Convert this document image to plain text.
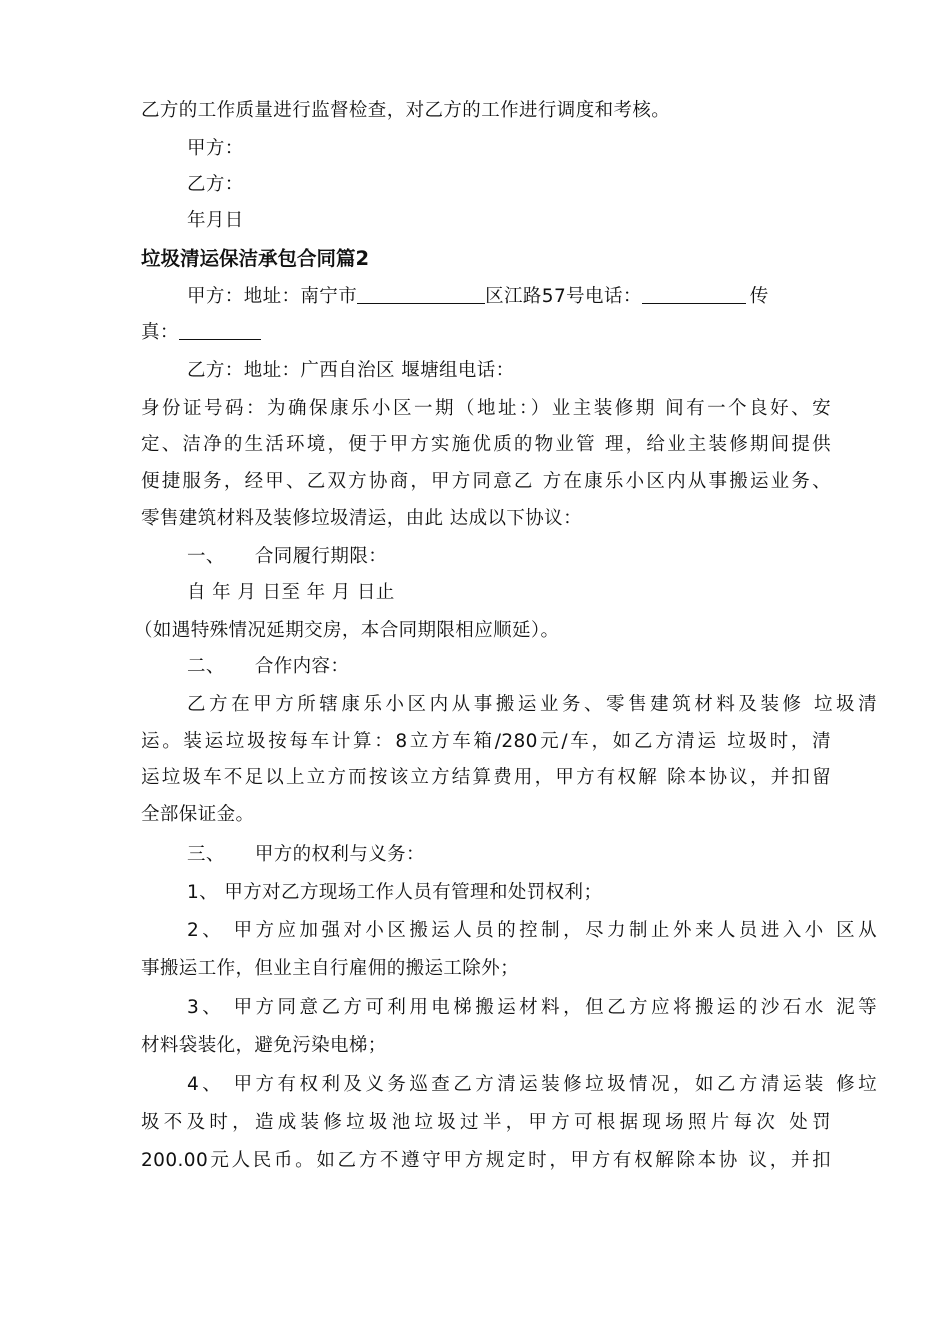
乙方的工作质量进行监督检查，对乙方的工作进行调度和考核。
甲方：
乙方：
年月日
垃圾清运保洁承包合同篇2
甲方：地址：南宁市	区江路57号电话：	传
真：
乙方：地址：广西自治区 堰塘组电话：
身份证号码：为确保康乐小区一期（地址：）业主装修期 间有一个良好、安
定、洁净的生活环境，便于甲方实施优质的物业管 理，给业主装修期间提供
便捷服务，经甲、乙双方协商，甲方同意乙 方在康乐小区内从事搬运业务、
零售建筑材料及装修垃圾清运，由此 达成以下协议：
一、 合同履行期限：
自 年 月 日至 年 月 日止
（如遇特殊情况延期交房，本合同期限相应顺延）。
二、 合作内容：
乙方在甲方所辖康乐小区内从事搬运业务、零售建筑材料及装修 垃圾清
运。装运垃圾按每车计算：8立方车箱/280元/车，如乙方清运 垃圾时，清
运垃圾车不足以上立方而按该立方结算费用，甲方有权解 除本协议，并扣留
全部保证金。
三、 甲方的权利与义务：
1、 甲方对乙方现场工作人员有管理和处罚权利；
2、 甲方应加强对小区搬运人员的控制，尽力制止外来人员进入小 区从
事搬运工作，但业主自行雇佣的搬运工除外；
3、 甲方同意乙方可利用电梯搬运材料，但乙方应将搬运的沙石水 泥等
材料袋装化，避免污染电梯；
4、 甲方有权利及义务巡查乙方清运装修垃圾情况，如乙方清运装 修垃
圾不及时，造成装修垃圾池垃圾过半，甲方可根据现场照片每次 处罚
200.00元人民币。如乙方不遵守甲方规定时，甲方有权解除本协 议，并扣
